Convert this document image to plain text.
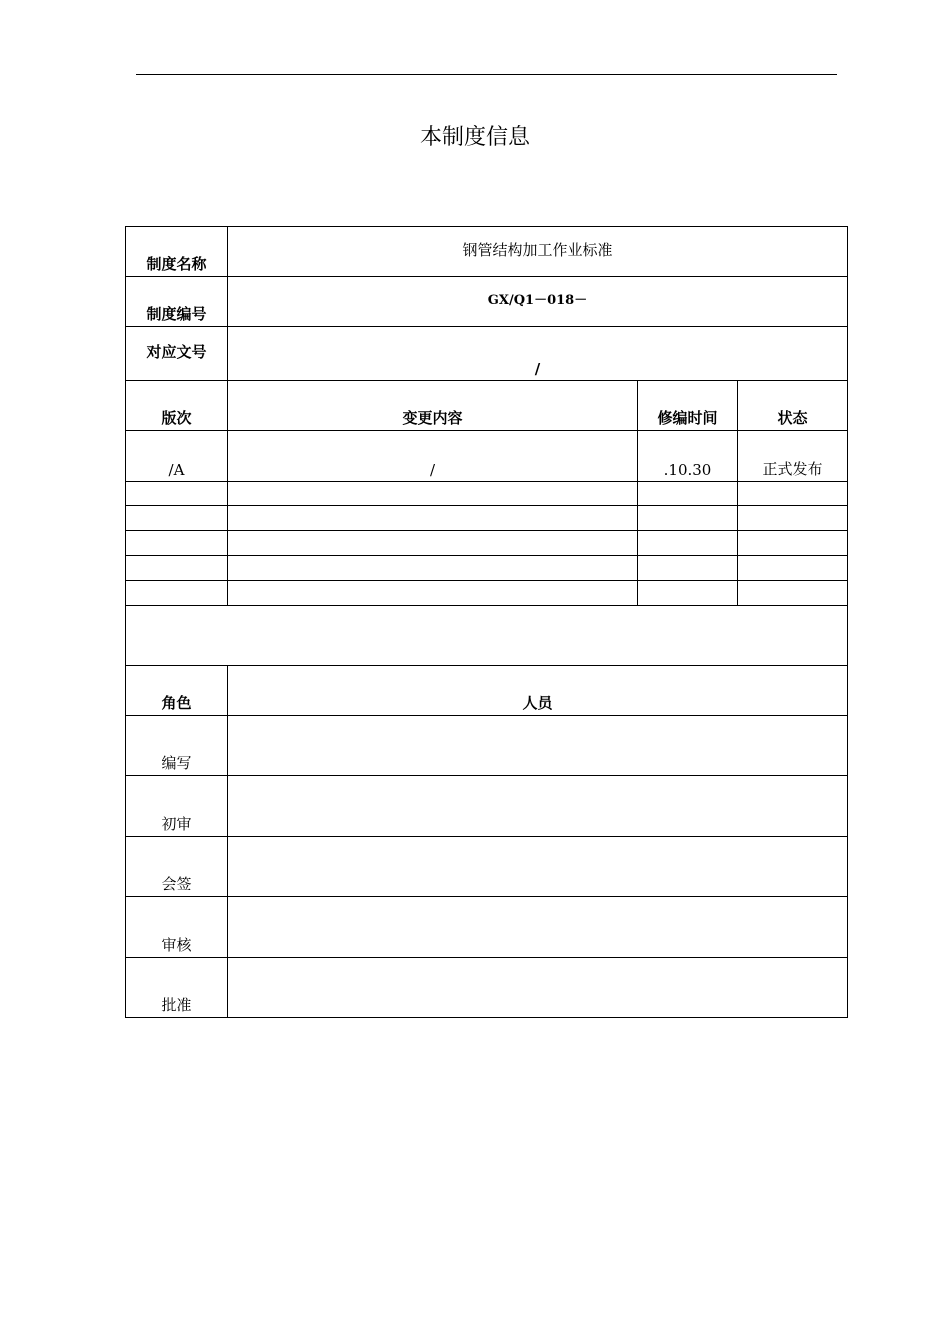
本制度信息
制度名称	钢管结构加工作业标准		
制度编号	GX/Q1－018－		
对应文号	/		
版次	变更内容	修编时间	状态
/A	/	.10.30	正式发布

角色	人员		
编写			
初审			
会签			
审核			
批准			
